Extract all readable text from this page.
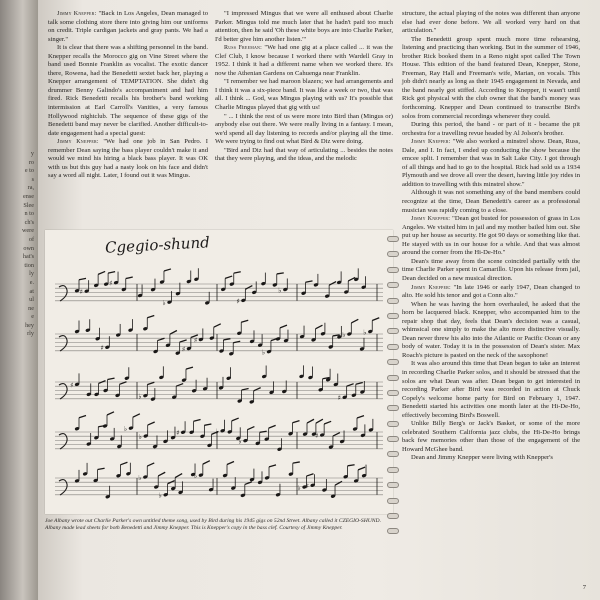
y
ro
e to
s
ra,
ense
Slee
n to
ch's
were
of
own
hat's
tion
ly
e.
at
ul
ne
e
hey
rly

Jimmy Knepper: "Back in Los Angeles, Dean managed to talk some clothing store there into giving him our uniforms on credit. Triple cardigan jackets and gray pants. We had a singer."

It is clear that there was a shifting personnel in the band. Knepper recalls the Morocco gig on Vine Street where the band used Bonnie Franklin as vocalist. The exotic dancer there, Rowena, had the Benedetti sextet back her, playing a Knepper arrangement of TEMPTATION. She didn't dig drummer Benny Galindo's accompaniment and had him fired. Rick Benedetti recalls his brother's band working intermission at Earl Carroll's Vanities, a very famous Hollywood nightclub. The sequence of these gigs of the Benedetti band may never be clarified. Another difficult-to-date engagement had a special guest:

Jimmy Knepper: "We had one job in San Pedro. I remember Dean saying the bass player couldn't make it and would we mind his hiring a black bass player. It was OK with us but this guy had a nasty look on his face and didn't say a word all night. Later, I found out it was Mingus.

"I impressed Mingus that we were all enthused about Charlie Parker. Mingus told me much later that he hadn't paid too much attention, then he said 'Oh these white boys are into Charlie Parker, I'd better give him another listen.'"

Russ Freeman: "We had one gig at a place called ... it was the Clef Club, I know because I worked there with Wardell Gray in 1952. I think it had a different name when we worked there. It's now the Athenian Gardens on Cahuenga near Franklin.

"I remember we had maroon blazers; we had arrangements and I think it was a six-piece band. It was like a week or two, that was all. I think ... God, was Mingus playing with us? It's possible that Charlie Mingus played that gig with us!

" ... I think the rest of us were more into Bird than (Mingus or) anybody else out there. We were really living in a fantasy. I mean, we'd spend all day listening to records and/or playing all the time. We were trying to find out what Bird & Diz were doing.

"Bird and Diz had that way of articulating ... besides the notes that they were playing, and the ideas, and the melodic

structure, the actual playing of the notes was different than anyone else had ever done before. We all worked very hard on that articulation."

The Benedetti group spent much more time rehearsing, listening and practicing than working. But in the summer of 1946, brother Rick booked them in a Reno night spot called The Town House. This edition of the band featured Dean, Knepper, Stone, Freeman, Ray Hall and Freeman's wife, Marian, on vocals. This job didn't nearly as long as their 1945 engagement in Nevada, and the band nearly got stiffed. According to Knepper, it wasn't until Rick got physical with the club owner that the band's money was forthcoming. Knepper and Dean continued to transcribe Bird's solos from commercial recordings whenever they could.

During this period, the band - or part of it - became the pit orchestra for a travelling revue headed by Al Jolson's brother.

Jimmy Knepper: "We also worked a minstrel show. Dean, Russ, Dale, and I. In fact, I ended up conducting the show because the emcee split. I remember that was in Salt Lake City. I got through of all things and had to go to the hospital. Rick had sold us a 1934 Plymouth and we drove all over the desert, having little joy rides in addition to travelling with this minstrel show."

Although it was not something any of the band members could recognize at the time, Dean Benedetti's career as a professional musician was rapidly coming to a close.

Jimmy Knepper: "Dean got busted for possession of grass in Los Angeles. We visited him in jail and my mother bailed him out. She put up her house as security. He got 90 days or something like that. He stayed with us in our house for a while. And that was almost around the corner from the Hi-De-Ho."

Dean's time away from the scene coincided partially with the time Charlie Parker spent in Camarillo. Upon his release from jail, Dean decided on a new musical direction.

Jimmy Knepper: "In late 1946 or early 1947, Dean changed to alto. He sold his tenor and got a Conn alto."

When he was having the horn overhauled, he asked that the horn be lacquered black. Knepper, who accompanied him to the repair shop that day, feels that Dean's decision was a casual, whimsical one simply to make the alto more distinctive visually. Dean never threw his alto into the Atlantic or Pacific Ocean or any body of water. Today it is in the possession of Dean's sister. Max Roach's picture is pasted on the neck of the saxophone!

It was also around this time that Dean began to take an interest in recording Charlie Parker solos, and it should be stressed that the solos are what Dean was after. Dean began to get interested in recording Parker after Bird was recorded in action at Chuck Copely's welcome home party for Bird on February 1, 1947. Benedetti started his activities one month later at the Hi-De-Ho, effectively becoming Bird's Boswell.

Unlike Billy Berg's or Jack's Basket, or some of the more celebrated Southern California jazz clubs, the Hi-De-Ho brings back few memories other than those of the engagement of the Howard McGhee band.

Dean and Jimmy Knepper were living with Knepper's

Cgegio-shund
♯
♯
♭	♯
♭
♯	♯
♯
♭
♭	♭
♯
♭	♯
♭
♭	♯	♭
♭
♯
♭
♭
♭
♭ ♯
Joe Albany wrote out Charlie Parker's own untitled theme song, used by Bird during his 1945 gigs on 52nd Street. Albany called it CZEGIO-SHUND. Albany made lead sheets for both Benedetti and Jimmy Knepper. This is Knepper's copy in the bass clef. Courtesy of Jimmy Knepper.
7
